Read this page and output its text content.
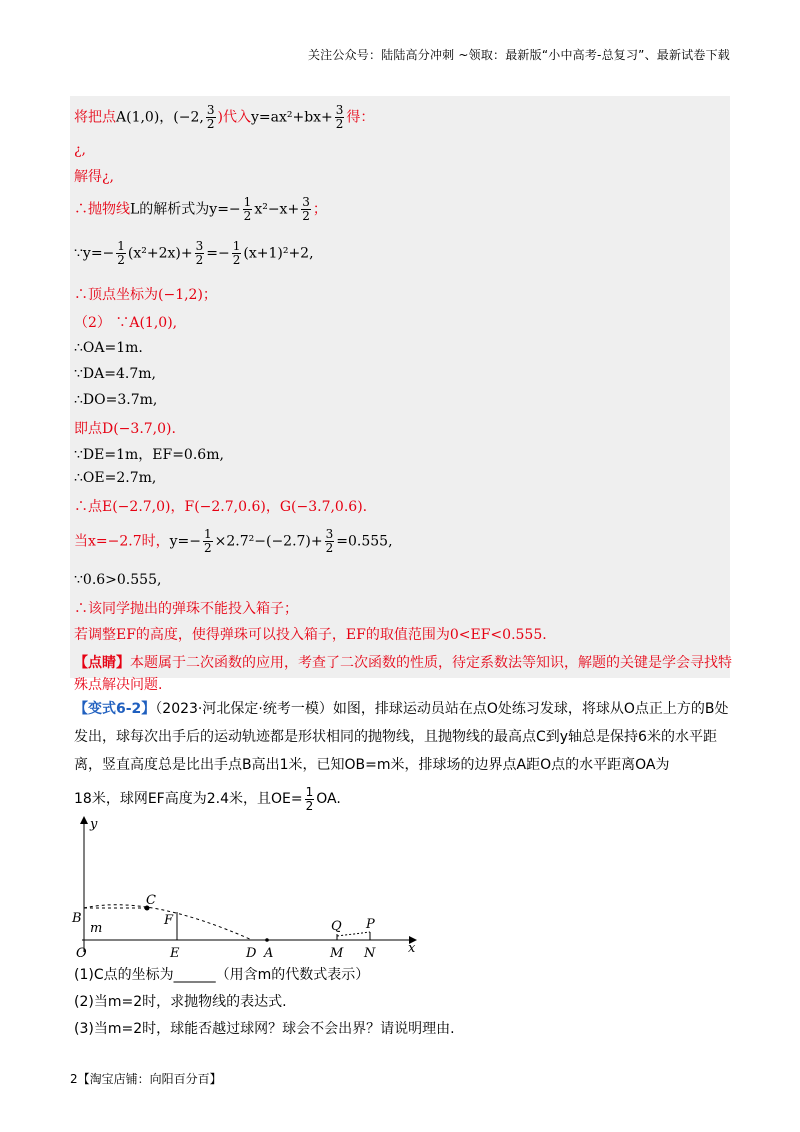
关注公众号：陆陆高分冲刺 ~领取：最新版“小中高考-总复习”、最新试卷下载
将把点A(1,0)，(−2, $\frac{3}{2}$ )代入$y=ax^2+bx+ \frac{3}{2}$ 得：
¿,
解得¿,
∴抛物线L的解析式为$y=- \frac{1}{2} x^2-x+ \frac{3}{2}$ ；
∵y=− $\frac{1}{2} (x^2+2x)+ \frac{3}{2} =- \frac{1}{2} (x+1)^2+2$,
∴顶点坐标为(−1,2)；
（2） ∵A(1,0),
∴OA=1m.
∵DA=4.7m,
∴DO=3.7m,
即点D(−3.7,0).
∵DE=1m，EF=0.6m,
∴OE=2.7m,
∴点E(−2.7,0)，F(−2.7,0.6)，G(−3.7,0.6).
当x=−2.7时，$y=- \frac{1}{2} \times 2.7^2-(-2.7)+ \frac{3}{2} =0.555$,
∵0.6>0.555,
∴该同学抛出的弹珠不能投入箱子；
若调整EF的高度，使得弹珠可以投入箱子，EF的取值范围为0<EF<0.555.
【点睛】本题属于二次函数的应用，考查了二次函数的性质，待定系数法等知识，解题的关键是学会寻找特殊点解决问题.
【变式6-2】（2023·河北保定·统考一模）如图，排球运动员站在点O处练习发球，将球从O点正上方的B处发出，球每次出手后的运动轨迹都是形状相同的抛物线，且抛物线的最高点C到y轴总是保持6米的水平距离，竖直高度总是比出手点B高出1米，已知OB=m米，排球场的边界点A距O点的水平距离OA为
18米，球网EF高度为2.4米，且$OE= \frac{1}{2}$ OA.
y
x
O
B
C
F
m
E	D A	M N
Q P
(1)C点的坐标为______（用含m的代数式表示）
(2)当m=2时，求抛物线的表达式.
(3)当m=2时，球能否越过球网？球会不会出界？请说明理由.
2【淘宝店铺：向阳百分百】
